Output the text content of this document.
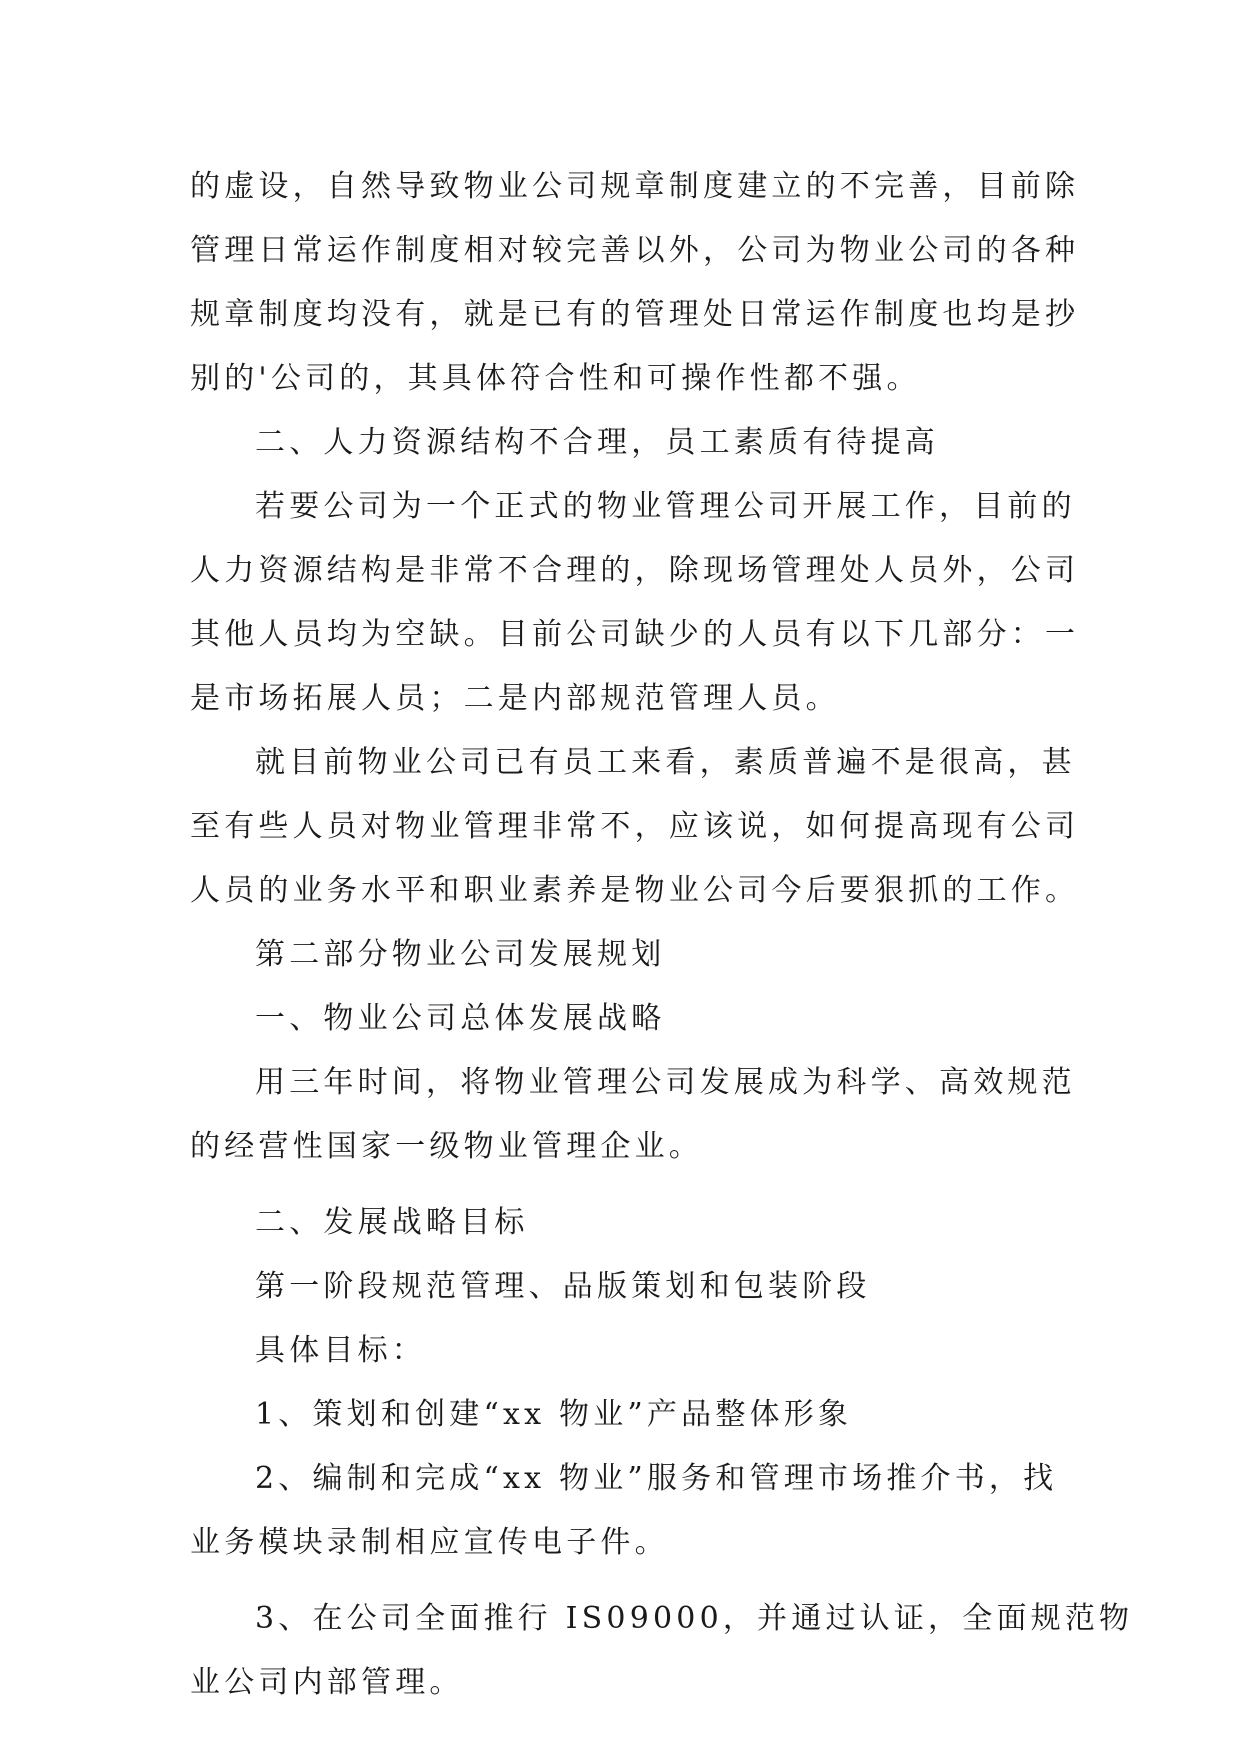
的虚设，自然导致物业公司规章制度建立的不完善，目前除
管理日常运作制度相对较完善以外，公司为物业公司的各种
规章制度均没有，就是已有的管理处日常运作制度也均是抄
别的'公司的，其具体符合性和可操作性都不强。
二、人力资源结构不合理，员工素质有待提高
若要公司为一个正式的物业管理公司开展工作，目前的
人力资源结构是非常不合理的，除现场管理处人员外，公司
其他人员均为空缺。目前公司缺少的人员有以下几部分：一
是市场拓展人员；二是内部规范管理人员。
就目前物业公司已有员工来看，素质普遍不是很高，甚
至有些人员对物业管理非常不，应该说，如何提高现有公司
人员的业务水平和职业素养是物业公司今后要狠抓的工作。
第二部分物业公司发展规划
一、物业公司总体发展战略
用三年时间，将物业管理公司发展成为科学、高效规范
的经营性国家一级物业管理企业。
二、发展战略目标
第一阶段规范管理、品版策划和包装阶段
具体目标：
1、策划和创建“xx 物业”产品整体形象
2、编制和完成“xx 物业”服务和管理市场推介书，找
业务模块录制相应宣传电子件。
3、在公司全面推行 IS09000，并通过认证，全面规范物
业公司内部管理。
